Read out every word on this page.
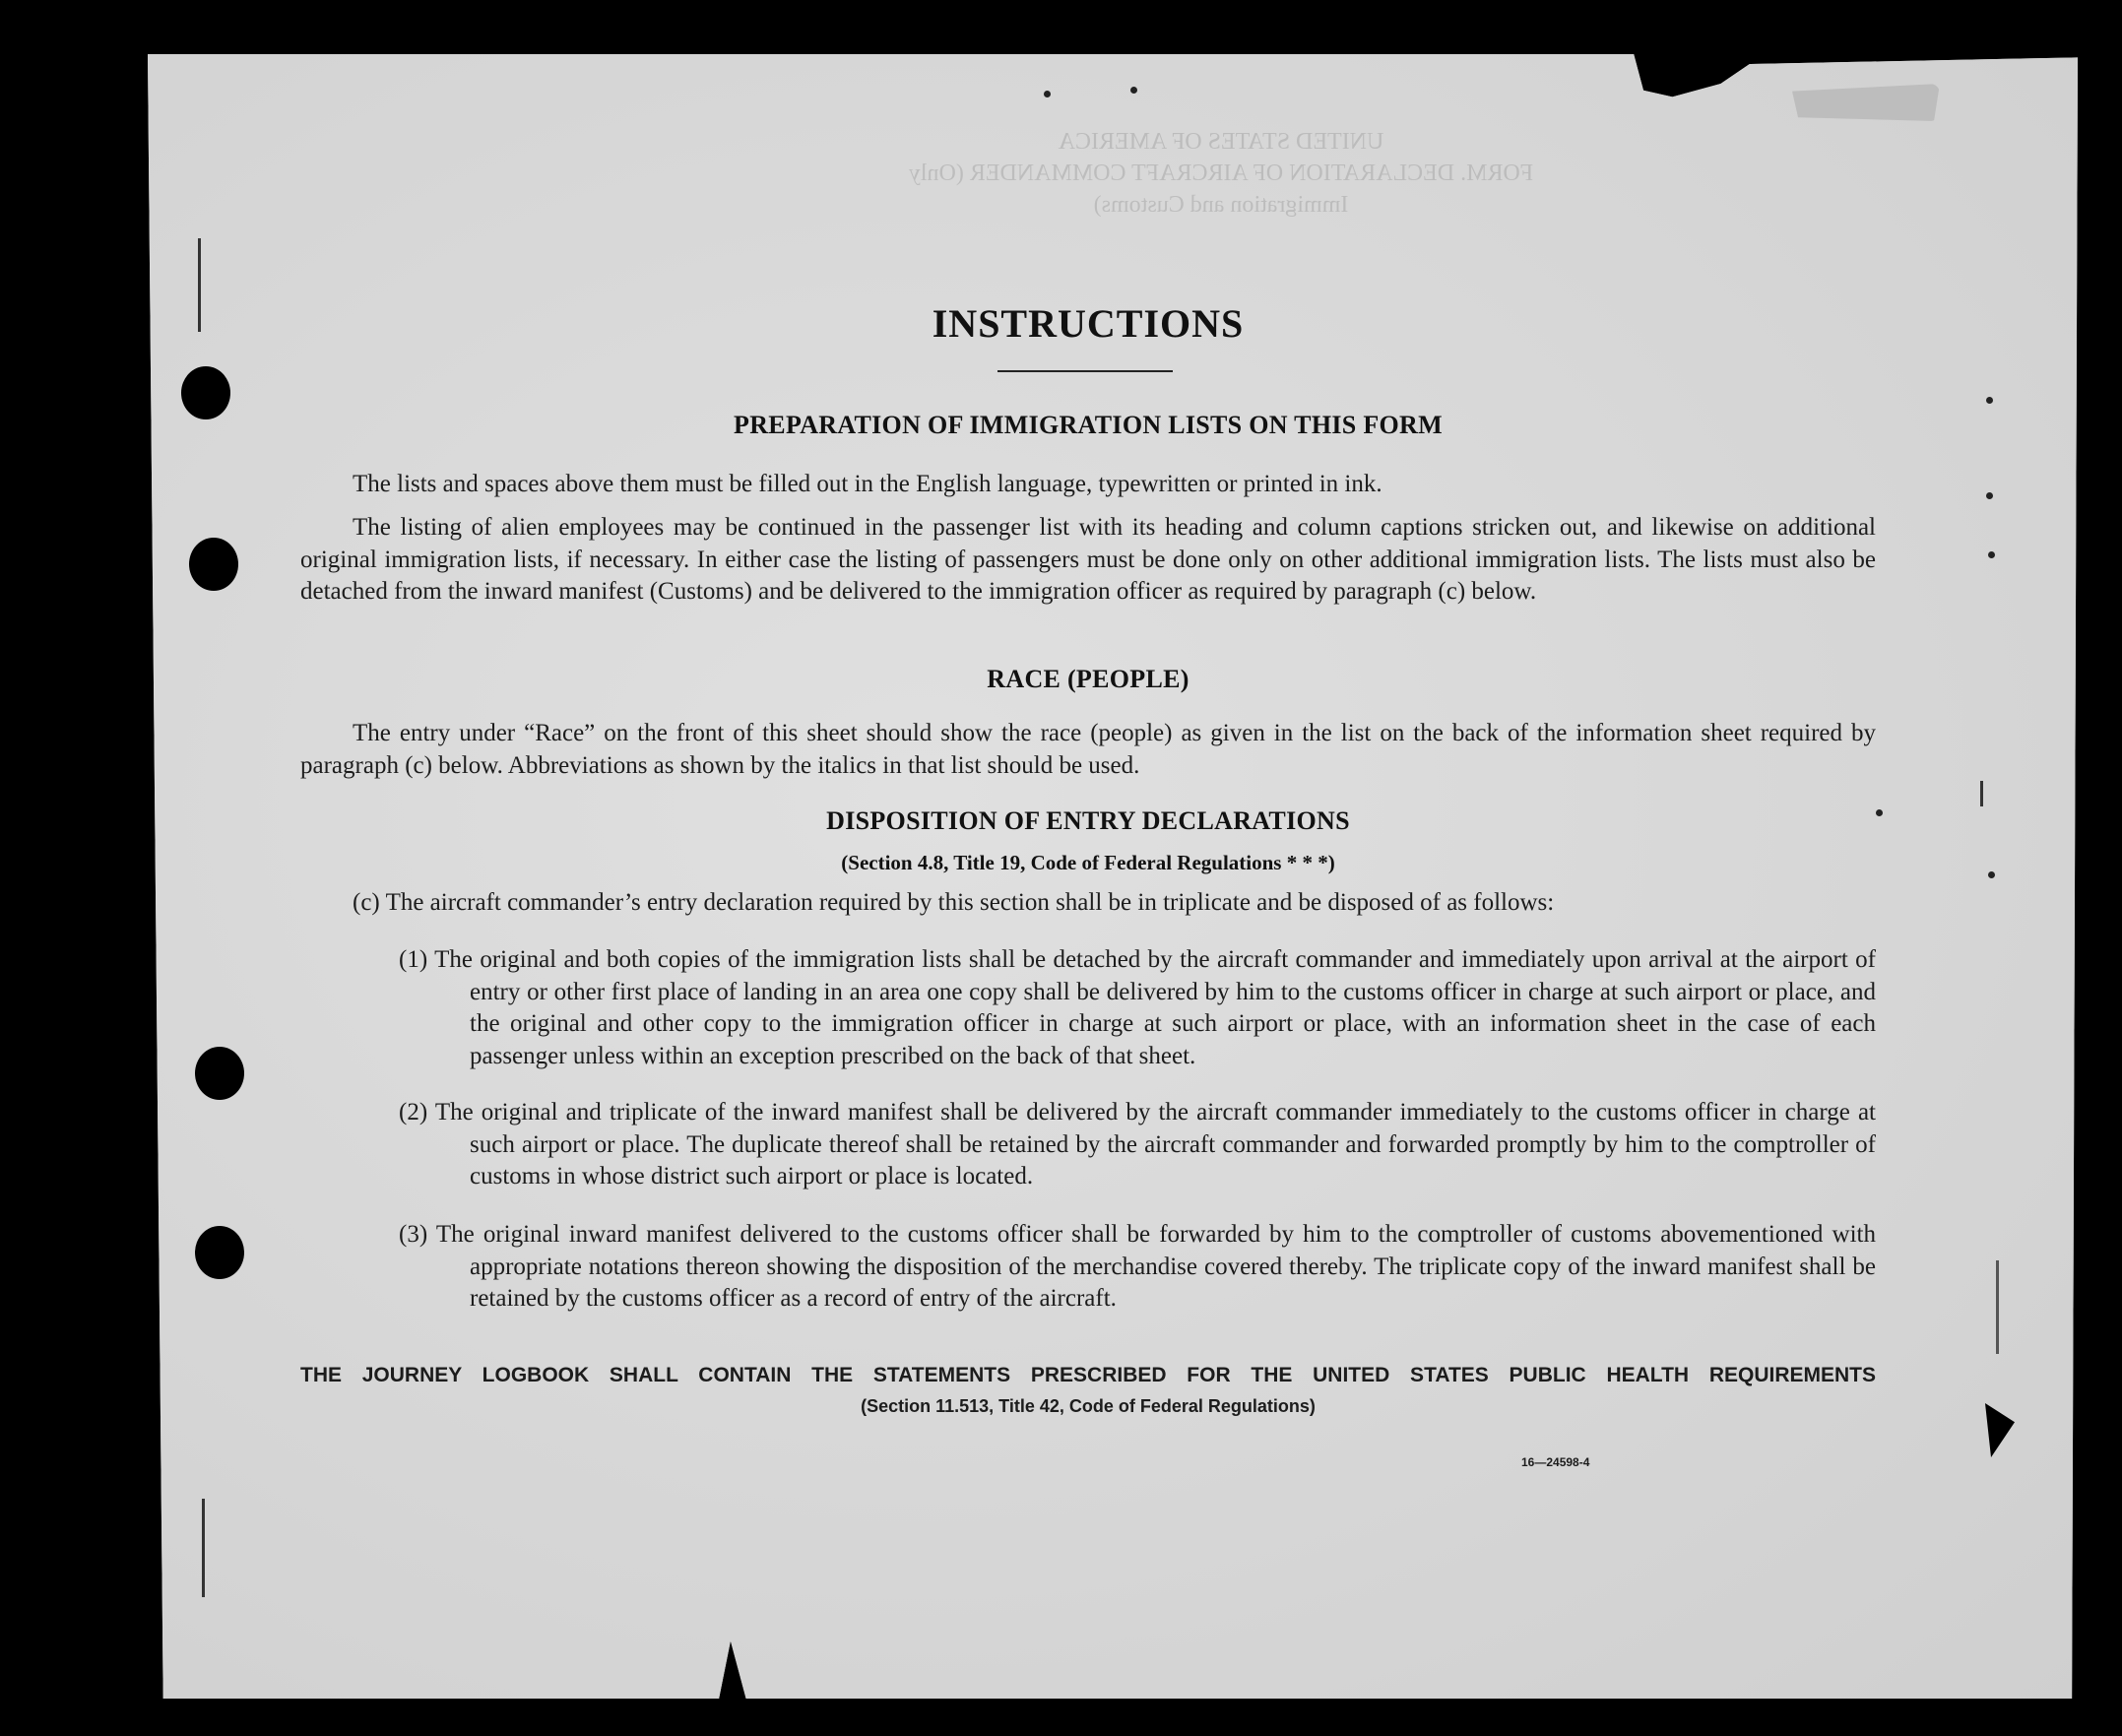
UNITED STATES OF AMERICA
FORM. DECLARATION OF AIRCRAFT COMMANDER (Only Immigration and Customs)
INSTRUCTIONS
PREPARATION OF IMMIGRATION LISTS ON THIS FORM
The lists and spaces above them must be filled out in the English language, typewritten or printed in ink.
The listing of alien employees may be continued in the passenger list with its heading and column captions stricken out, and likewise on additional original immigration lists, if necessary. In either case the listing of passengers must be done only on other additional immigration lists. The lists must also be detached from the inward manifest (Customs) and be delivered to the immigration officer as required by paragraph (c) below.
RACE (PEOPLE)
The entry under “Race” on the front of this sheet should show the race (people) as given in the list on the back of the information sheet required by paragraph (c) below. Abbreviations as shown by the italics in that list should be used.
DISPOSITION OF ENTRY DECLARATIONS
(Section 4.8, Title 19, Code of Federal Regulations * * *)
(c) The aircraft commander’s entry declaration required by this section shall be in triplicate and be disposed of as follows:
(1) The original and both copies of the immigration lists shall be detached by the aircraft commander and immediately upon arrival at the airport of entry or other first place of landing in an area one copy shall be delivered by him to the customs officer in charge at such airport or place, and the original and other copy to the immigration officer in charge at such airport or place, with an information sheet in the case of each passenger unless within an exception prescribed on the back of that sheet.
(2) The original and triplicate of the inward manifest shall be delivered by the aircraft commander immediately to the customs officer in charge at such airport or place. The duplicate thereof shall be retained by the aircraft commander and forwarded promptly by him to the comptroller of customs in whose district such airport or place is located.
(3) The original inward manifest delivered to the customs officer shall be forwarded by him to the comptroller of customs abovementioned with appropriate notations thereon showing the disposition of the merchandise covered thereby. The triplicate copy of the inward manifest shall be retained by the customs officer as a record of entry of the aircraft.
THE JOURNEY LOGBOOK SHALL CONTAIN THE STATEMENTS PRESCRIBED FOR THE UNITED STATES PUBLIC HEALTH REQUIREMENTS
(Section 11.513, Title 42, Code of Federal Regulations)
16—24598-4
